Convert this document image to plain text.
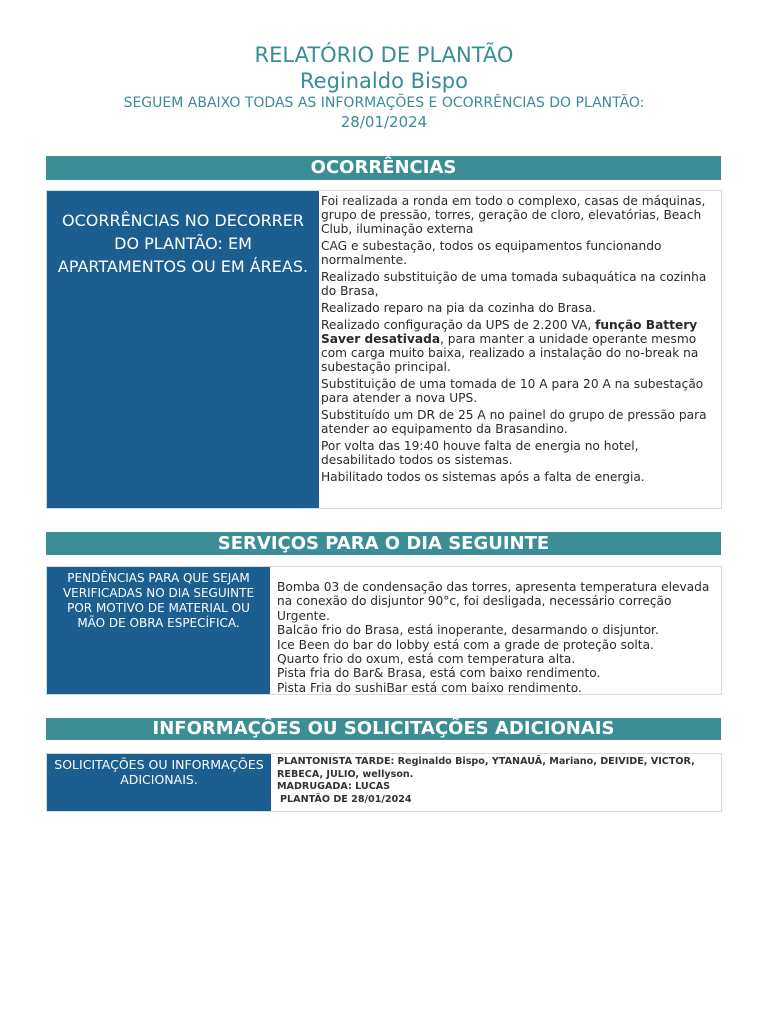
RELATÓRIO DE PLANTÃO
Reginaldo Bispo
SEGUEM ABAIXO TODAS AS INFORMAÇÕES E OCORRÊNCIAS DO PLANTÃO:
28/01/2024
OCORRÊNCIAS
OCORRÊNCIAS NO DECORRER DO PLANTÃO: EM APARTAMENTOS OU EM ÁREAS.

Foi realizada a ronda em todo o complexo, casas de máquinas, grupo de pressão, torres, geração de cloro, elevatórias, Beach Club, iluminação externa

CAG e subestação, todos os equipamentos funcionando normalmente.

Realizado substituição de uma tomada subaquática na cozinha do Brasa,

Realizado reparo na pia da cozinha do Brasa.

Realizado configuração da UPS de 2.200 VA, função Battery Saver desativada, para manter a unidade operante mesmo com carga muito baixa, realizado a instalação do no-break na subestação principal.

Substituição de uma tomada de 10 A para 20 A na subestação para atender a nova UPS.

Substituído um DR de 25 A no painel do grupo de pressão para atender ao equipamento da Brasandino.

Por volta das 19:40 houve falta de energia no hotel, desabilitado todos os sistemas.

Habilitado todos os sistemas após a falta de energia.

SERVIÇOS PARA O DIA SEGUINTE
PENDÊNCIAS PARA QUE SEJAM VERIFICADAS NO DIA SEGUINTE POR MOTIVO DE MATERIAL OU MÃO DE OBRA ESPECÍFICA.

Bomba 03 de condensação das torres, apresenta temperatura elevada na conexão do disjuntor 90°c, foi desligada, necessário correção Urgente.

Balcão frio do Brasa, está inoperante, desarmando o disjuntor.

Ice Been do bar do lobby está com a grade de proteção solta.

Quarto frio do oxum, está com temperatura alta.

Pista fria do Bar& Brasa, está com baixo rendimento.

Pista Fria do sushiBar está com baixo rendimento.

INFORMAÇÕES OU SOLICITAÇÕES ADICIONAIS
SOLICITAÇÕES OU INFORMAÇÕES ADICIONAIS.

PLANTONISTA TARDE: Reginaldo Bispo, YTANAUÃ, Mariano, DEIVIDE, VICTOR, REBECA, JULIO, wellyson.

MADRUGADA: LUCAS

PLANTÃO DE 28/01/2024
